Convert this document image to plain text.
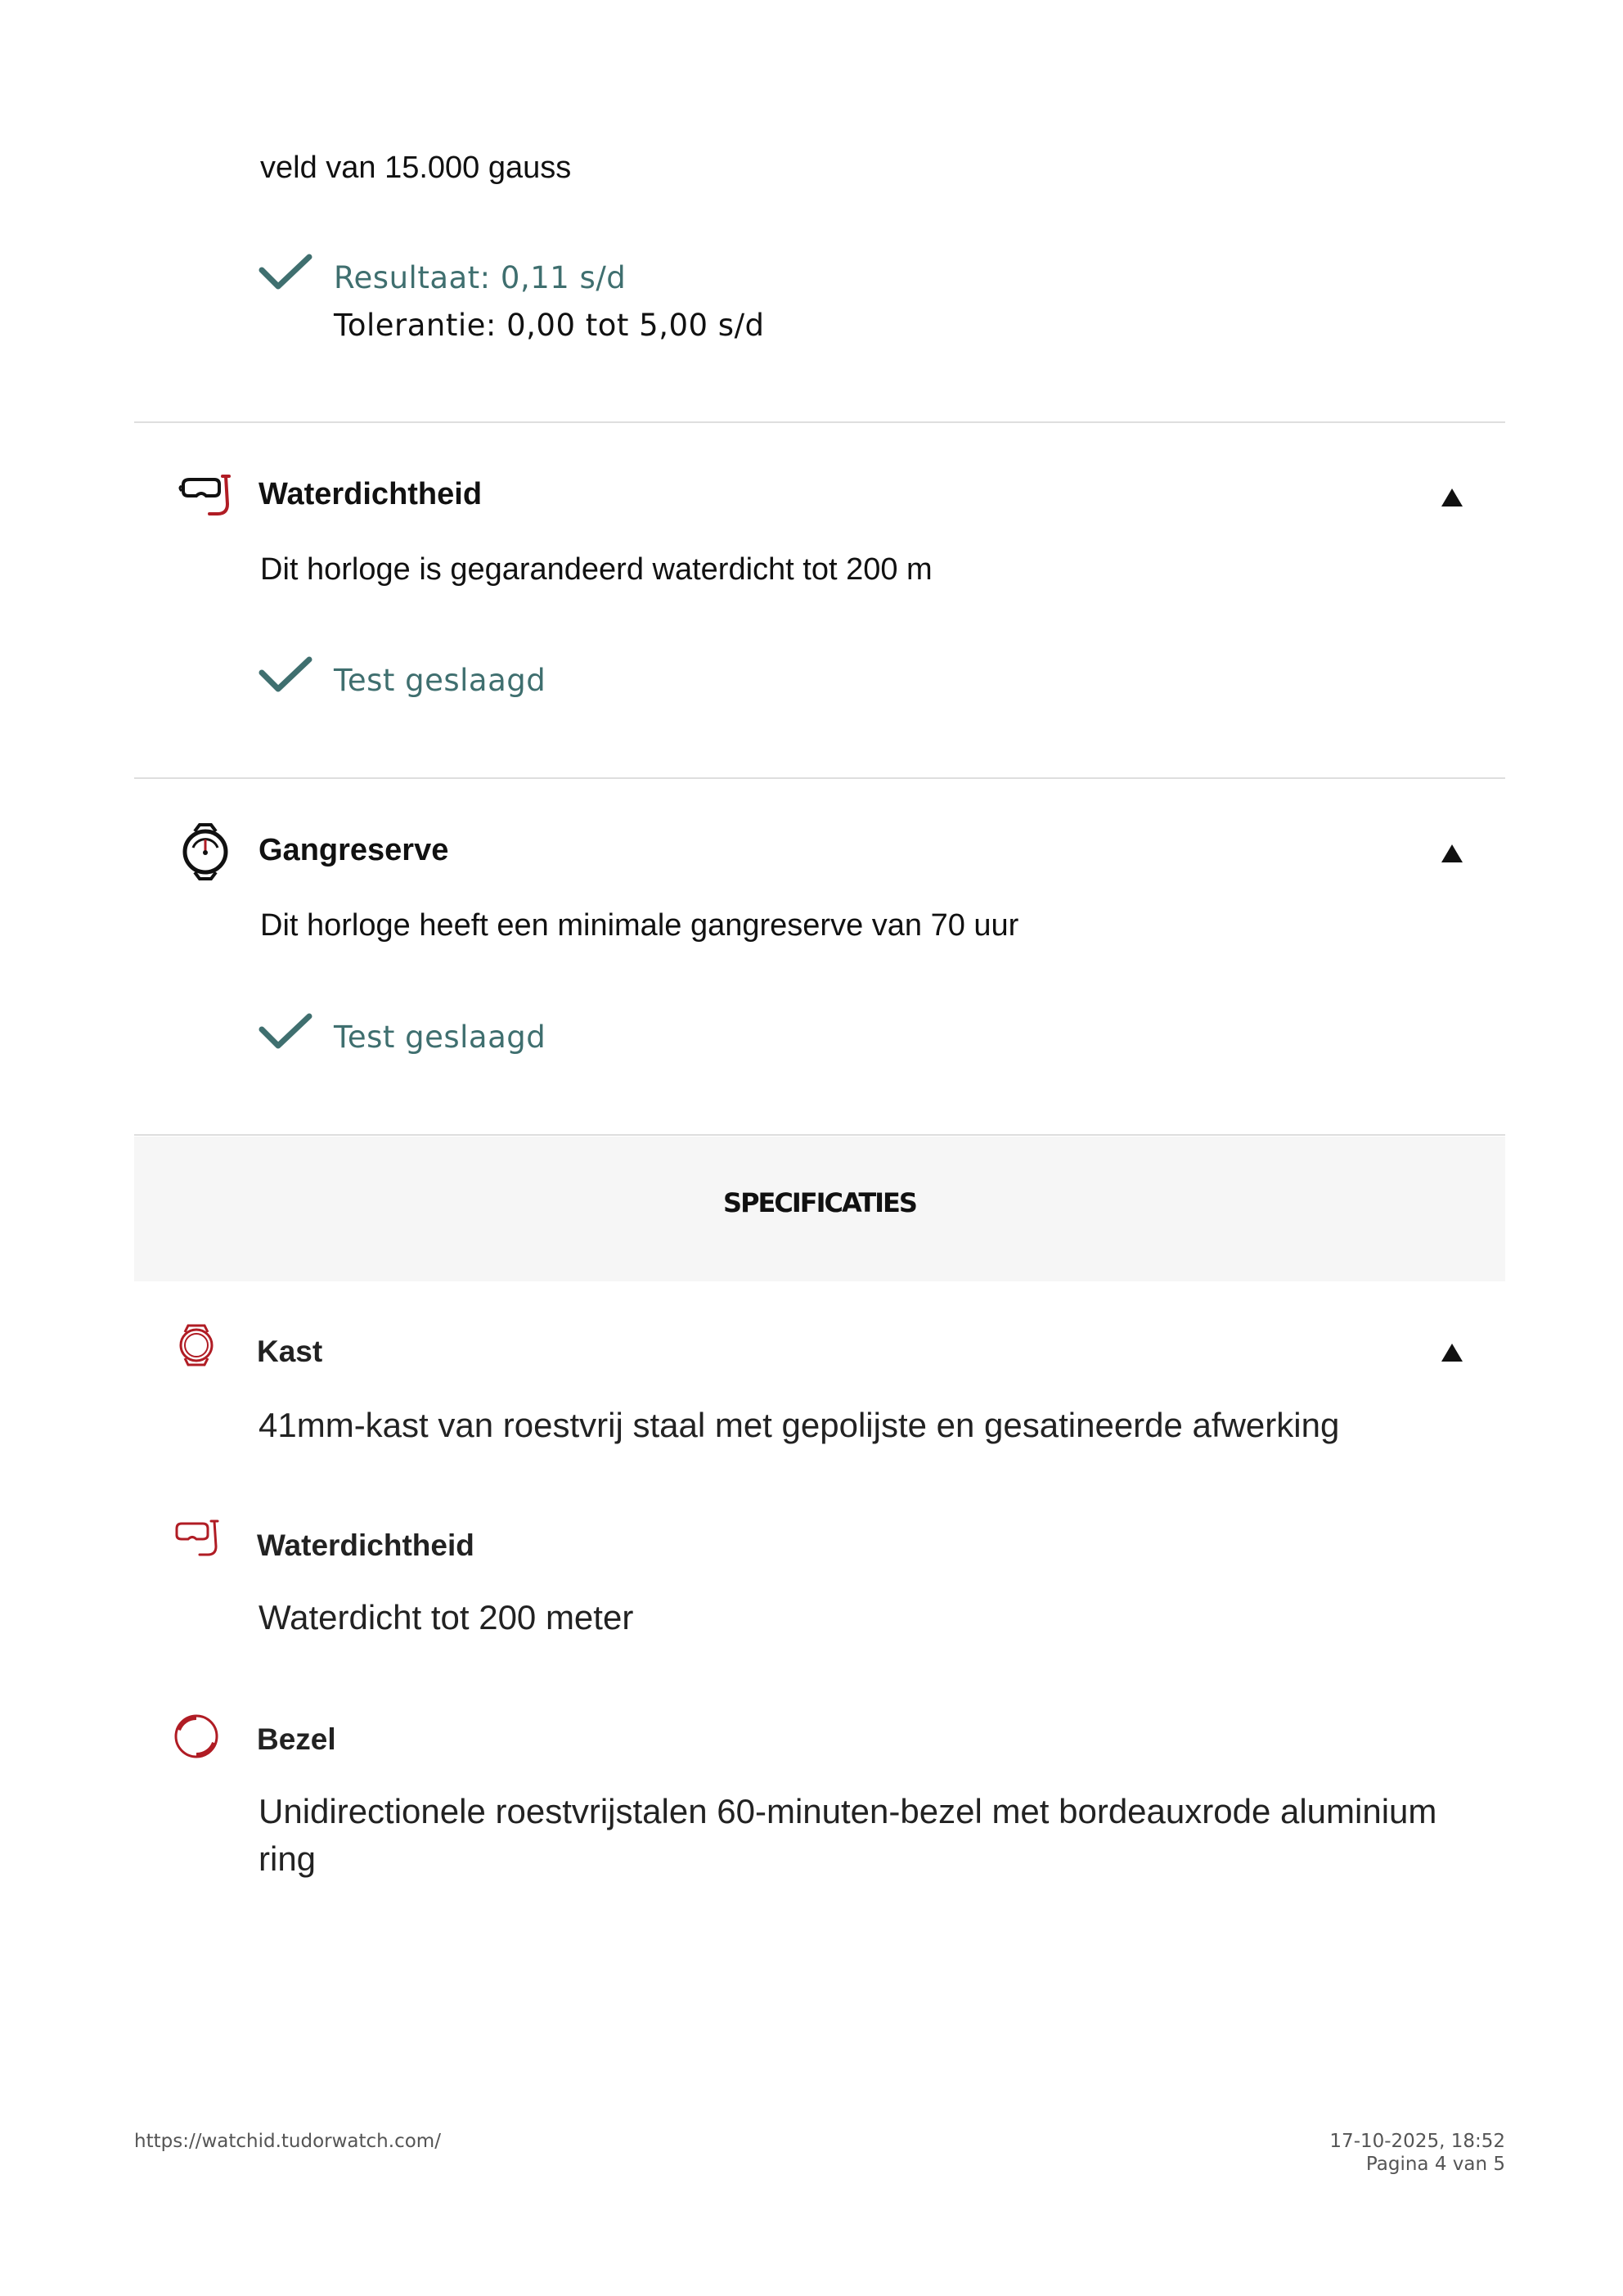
veld van 15.000 gauss
Resultaat: 0,11 s/d
Tolerantie: 0,00 tot 5,00 s/d
Waterdichtheid
Dit horloge is gegarandeerd waterdicht tot 200 m
Test geslaagd
Gangreserve
Dit horloge heeft een minimale gangreserve van 70 uur
Test geslaagd
SPECIFICATIES
Kast
41mm-kast van roestvrij staal met gepolijste en gesatineerde afwerking
Waterdichtheid
Waterdicht tot 200 meter
Bezel
Unidirectionele roestvrijstalen 60-minuten-bezel met bordeauxrode aluminium ring
https://watchid.tudorwatch.com/	17-10-2025, 18:52
Pagina 4 van 5
